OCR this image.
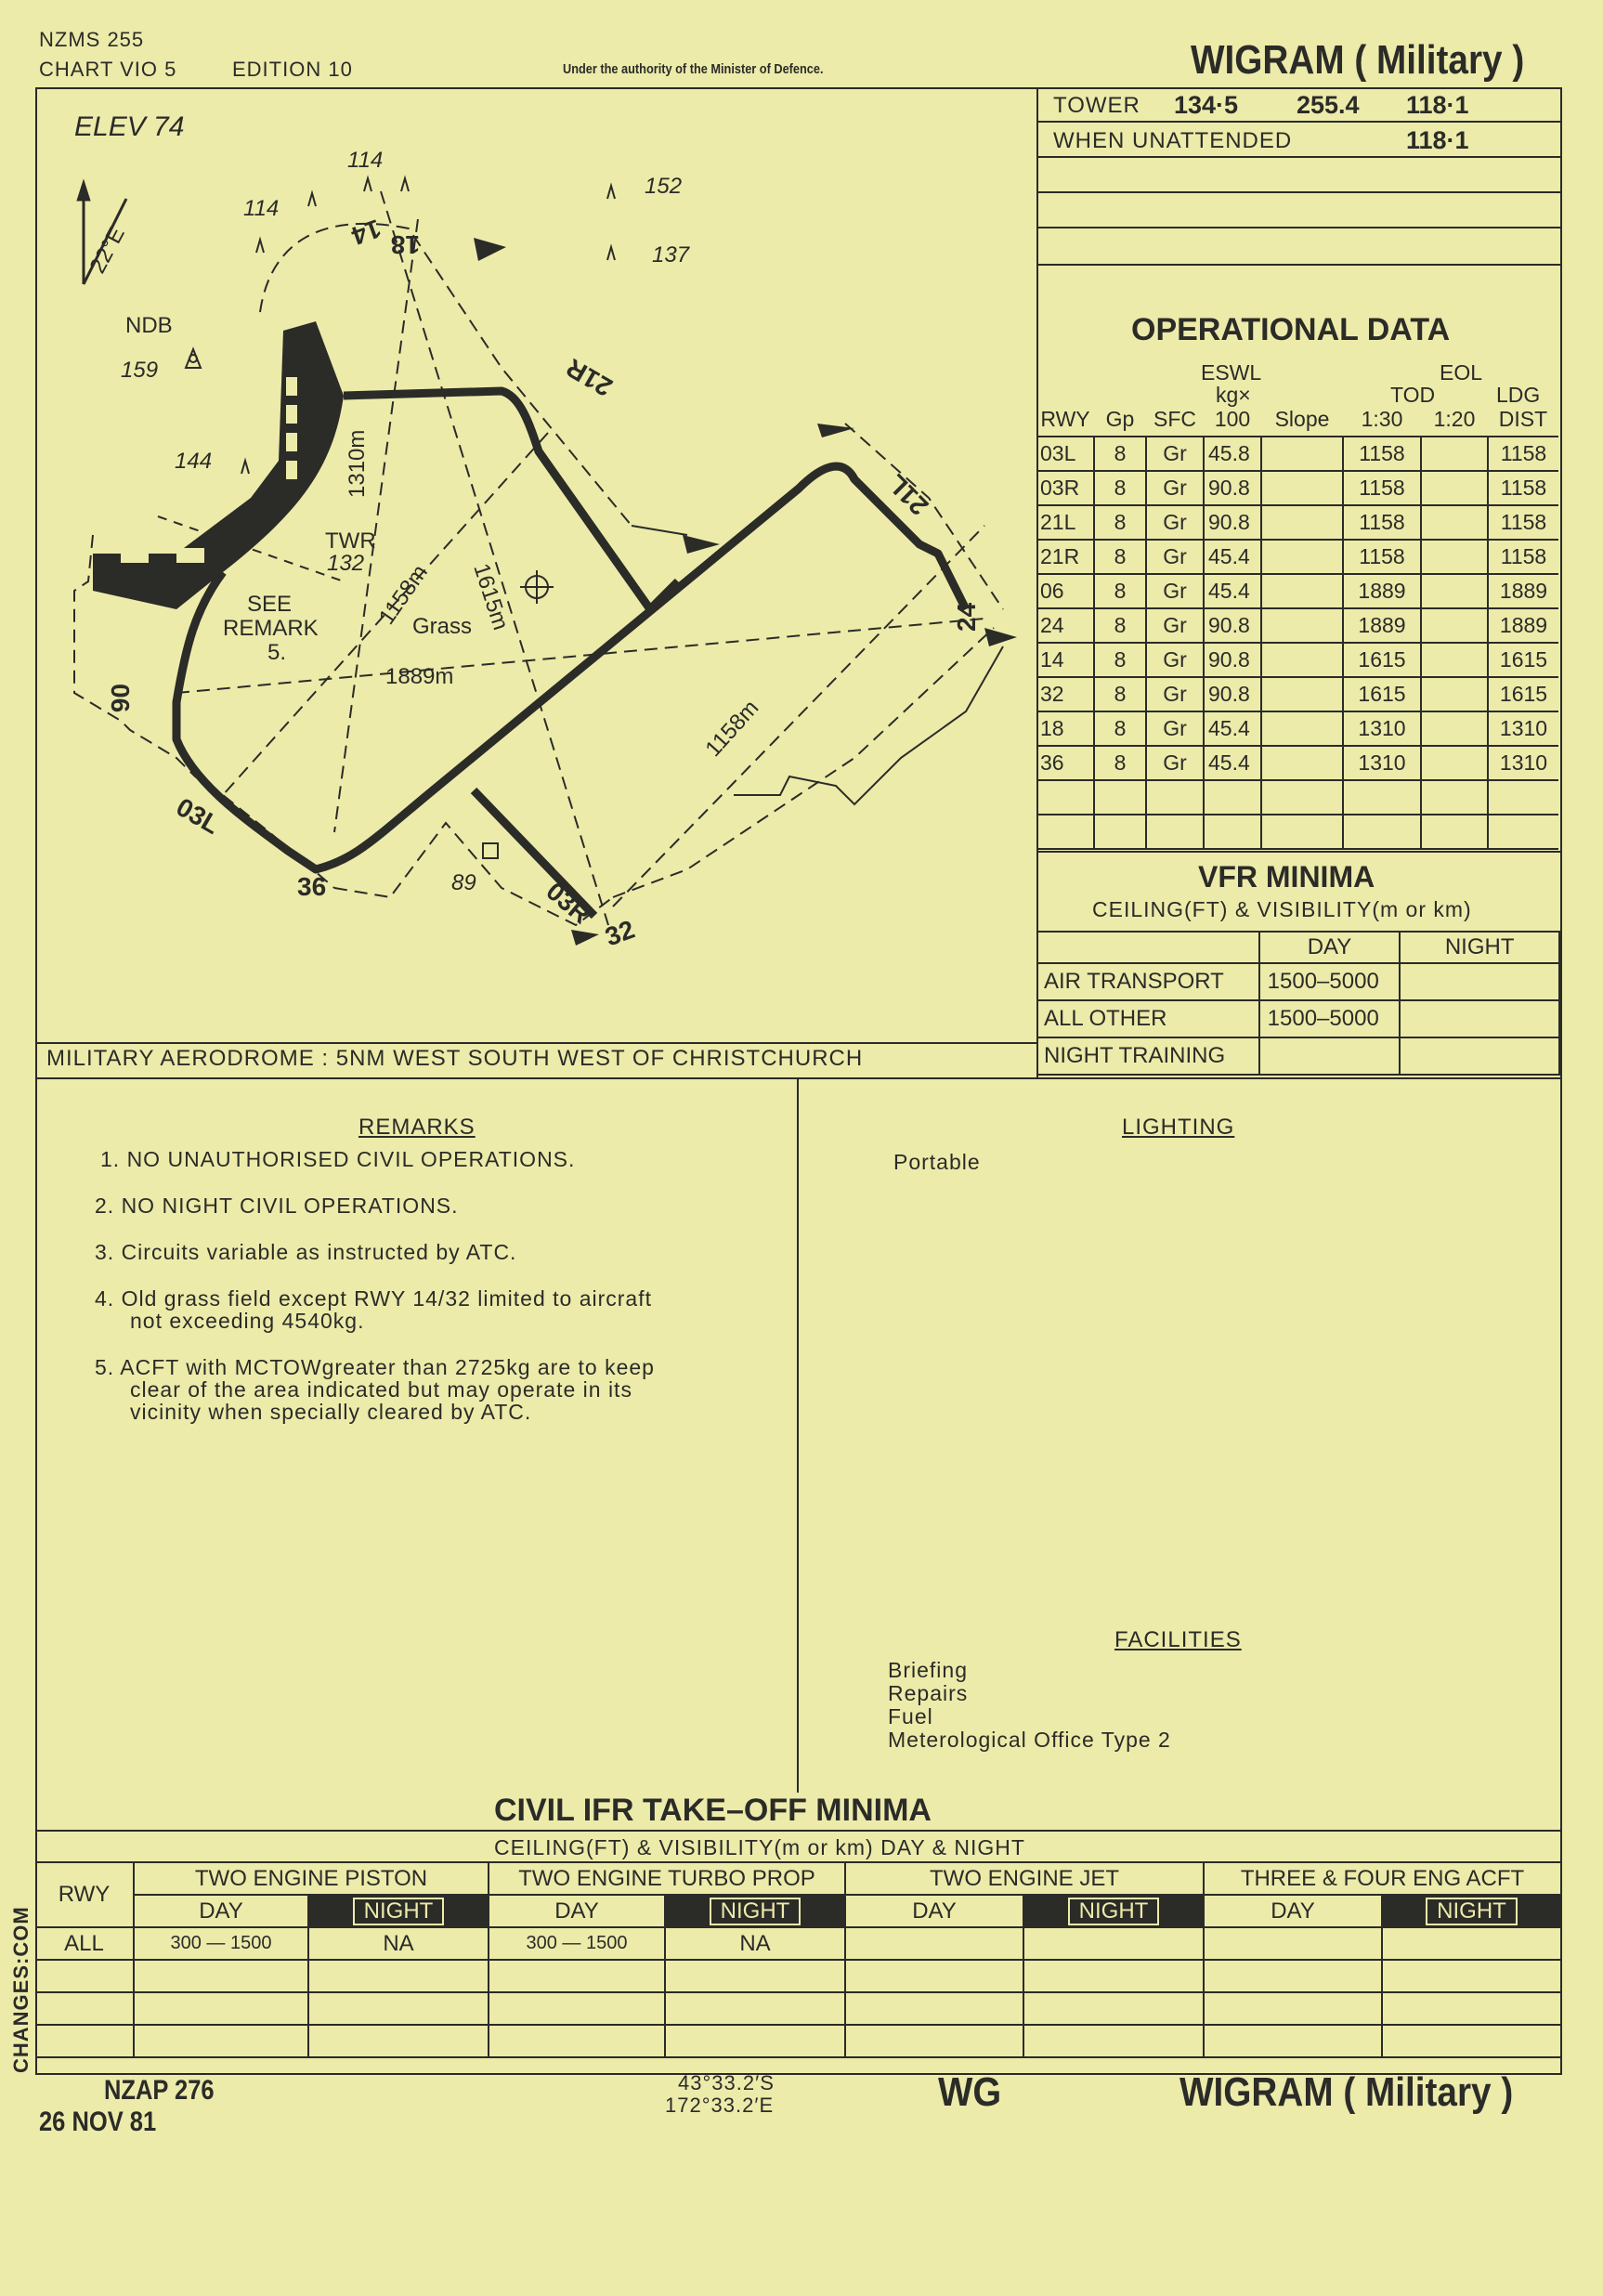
NZMS 255
CHART VIO 5	EDITION 10	Under the authority of the Minister of Defence.	WIGRAM ( Military )
TOWER 134·5 255.4 118·1
WHEN UNATTENDED	118·1
OPERATIONAL DATA
ESWL
kg×
EOL
TOD	LDG
RWY	Gp	SFC	100	Slope	1:30	1:20	DIST
03L	8	Gr	45.8		1158		1158
03R	8	Gr	90.8		1158		1158
21L	8	Gr	90.8		1158		1158
21R	8	Gr	45.4		1158		1158
06	8	Gr	45.4		1889		1889
24	8	Gr	90.8		1889		1889
14	8	Gr	90.8		1615		1615
32	8	Gr	90.8		1615		1615
18	8	Gr	45.4		1310		1310
36	8	Gr	45.4		1310		1310

VFR MINIMA
CEILING(FT) & VISIBILITY(m or km)
	DAY	NIGHT
AIR TRANSPORT	1500–5000	
ALL OTHER	1500–5000	
NIGHT TRAINING		
MILITARY AERODROME : 5NM WEST SOUTH WEST OF CHRISTCHURCH
ELEV 74
22°E
NDB
159
114
114
152
137
144
89
TWR
132
SEE
REMARK
5.
Grass
1889m
1310m
1615m
1158m
1158m
14 18
21R
21L
24
06
03L
36	03R
32
REMARKS
1. NO UNAUTHORISED CIVIL OPERATIONS.
2. NO NIGHT CIVIL OPERATIONS.
3. Circuits variable as instructed by ATC.
4. Old grass field except RWY 14/32 limited to aircraft
not exceeding 4540kg.
5. ACFT with MCTOWgreater than 2725kg are to keep
clear of the area indicated but may operate in its
vicinity when specially cleared by ATC.
LIGHTING
Portable
FACILITIES
Briefing
Repairs
Fuel
Meterological Office Type 2
CIVIL IFR TAKE–OFF MINIMA
CEILING(FT) & VISIBILITY(m or km) DAY & NIGHT
RWY	TWO ENGINE PISTON		TWO ENGINE TURBO PROP		TWO ENGINE JET		THREE & FOUR ENG ACFT	
	DAY	NIGHT	DAY	NIGHT	DAY	NIGHT	DAY	NIGHT
ALL	300 — 1500	NA	300 — 1500	NA				

CHANGES:COM
NZAP 276
26 NOV 81
43°33.2′S
172°33.2′E	WG	WIGRAM ( Military )
